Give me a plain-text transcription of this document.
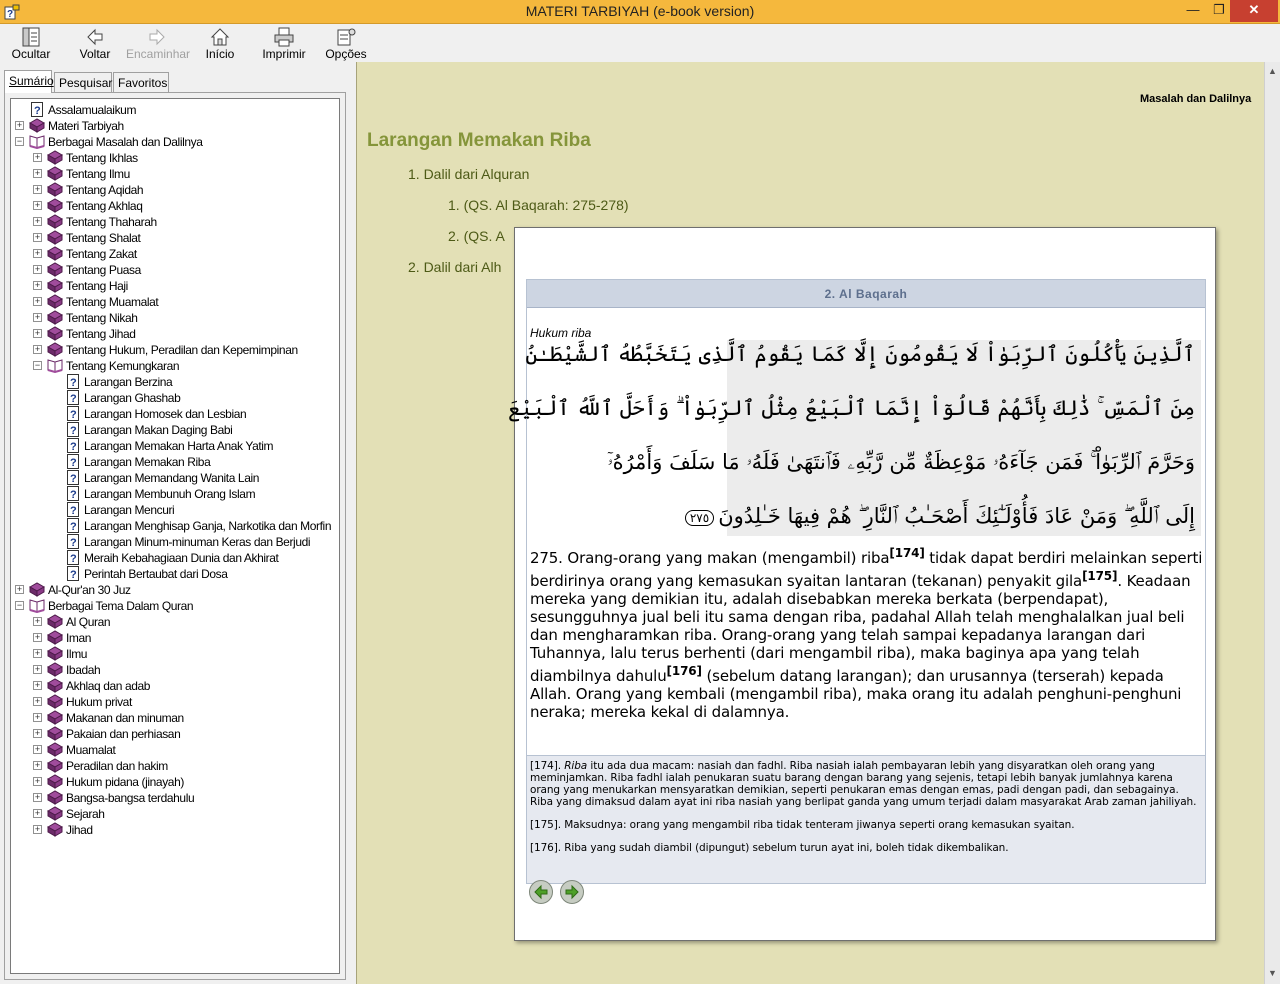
?	MATERI TARBIYAH (e-book version)	—	❐	✕
Ocultar	Voltar	Encaminhar	Início	Imprimir Opções
Sumário Pesquisar Favoritos
? Assalamualaikum
+ Materi Tarbiyah
− Berbagai Masalah dan Dalilnya
+ Tentang Ikhlas
+ Tentang Ilmu
+ Tentang Aqidah
+ Tentang Akhlaq
+ Tentang Thaharah
+ Tentang Shalat
+ Tentang Zakat
+ Tentang Puasa
+ Tentang Haji
+ Tentang Muamalat
+ Tentang Nikah
+ Tentang Jihad
+ Tentang Hukum, Peradilan dan Kepemimpinan
− Tentang Kemungkaran
? Larangan Berzina
? Larangan Ghashab
? Larangan Homosek dan Lesbian
? Larangan Makan Daging Babi
? Larangan Memakan Harta Anak Yatim
? Larangan Memakan Riba
? Larangan Memandang Wanita Lain
? Larangan Membunuh Orang Islam
? Larangan Mencuri
? Larangan Menghisap Ganja, Narkotika dan Morfin
? Larangan Minum-minuman Keras dan Berjudi
? Meraih Kebahagiaan Dunia dan Akhirat
? Perintah Bertaubat dari Dosa
+ Al-Qur'an 30 Juz
− Berbagai Tema Dalam Quran
+ Al Quran
+ Iman
+ Ilmu
+ Ibadah
+ Akhlaq dan adab
+ Hukum privat
+ Makanan dan minuman
+ Pakaian dan perhiasan
+ Muamalat
+ Peradilan dan hakim
+ Hukum pidana (jinayah)
+ Bangsa-bangsa terdahulu
+ Sejarah
+ Jihad
▲
▼
Masalah dan Dalilnya
Larangan Memakan Riba
1. Dalil dari Alquran
1. (QS. Al Baqarah: 275-278)
2. (QS. A
2. Dalil dari Alh
2. Al Baqarah
Hukum riba
ٱلَّذِينَ يَأْكُلُونَ ٱلرِّبَوٰاْ لَا يَقُومُونَ إِلَّا كَمَا يَقُومُ ٱلَّذِى يَتَخَبَّطُهُ ٱلشَّيْطَـٰنُ
مِنَ ٱلْمَسِّ ۚ ذَٰلِكَ بِأَنَّهُمْ قَالُوٓاْ إِنَّمَا ٱلْبَيْعُ مِثْلُ ٱلرِّبَوٰاْ ۗ وَأَحَلَّ ٱللَّهُ ٱلْبَيْعَ
وَحَرَّمَ ٱلرِّبَوٰاْ ۚ فَمَن جَآءَهُۥ مَوْعِظَةٌ مِّن رَّبِّهِۦ فَٱنتَهَىٰ فَلَهُۥ مَا سَلَفَ وَأَمْرُهُۥٓ
إِلَى ٱللَّهِ ۖ وَمَنْ عَادَ فَأُوْلَـٰٓئِكَ أَصْحَـٰبُ ٱلنَّارِ ۖ هُمْ فِيهَا خَـٰلِدُونَ٢٧٥
275. Orang-orang yang makan (mengambil) riba[174] tidak dapat berdiri melainkan seperti berdirinya orang yang kemasukan syaitan lantaran (tekanan) penyakit gila[175]. Keadaan mereka yang demikian itu, adalah disebabkan mereka berkata (berpendapat), sesungguhnya jual beli itu sama dengan riba, padahal Allah telah menghalalkan jual beli dan mengharamkan riba. Orang-orang yang telah sampai kepadanya larangan dari Tuhannya, lalu terus berhenti (dari mengambil riba), maka baginya apa yang telah diambilnya dahulu[176] (sebelum datang larangan); dan urusannya (terserah) kepada Allah. Orang yang kembali (mengambil riba), maka orang itu adalah penghuni-penghuni neraka; mereka kekal di dalamnya.

[174]. Riba itu ada dua macam: nasiah dan fadhl. Riba nasiah ialah pembayaran lebih yang disyaratkan oleh orang yang meminjamkan. Riba fadhl ialah penukaran suatu barang dengan barang yang sejenis, tetapi lebih banyak jumlahnya karena orang yang menukarkan mensyaratkan demikian, seperti penukaran emas dengan emas, padi dengan padi, dan sebagainya. Riba yang dimaksud dalam ayat ini riba nasiah yang berlipat ganda yang umum terjadi dalam masyarakat Arab zaman jahiliyah.

[175]. Maksudnya: orang yang mengambil riba tidak tenteram jiwanya seperti orang kemasukan syaitan.

[176]. Riba yang sudah diambil (dipungut) sebelum turun ayat ini, boleh tidak dikembalikan.
